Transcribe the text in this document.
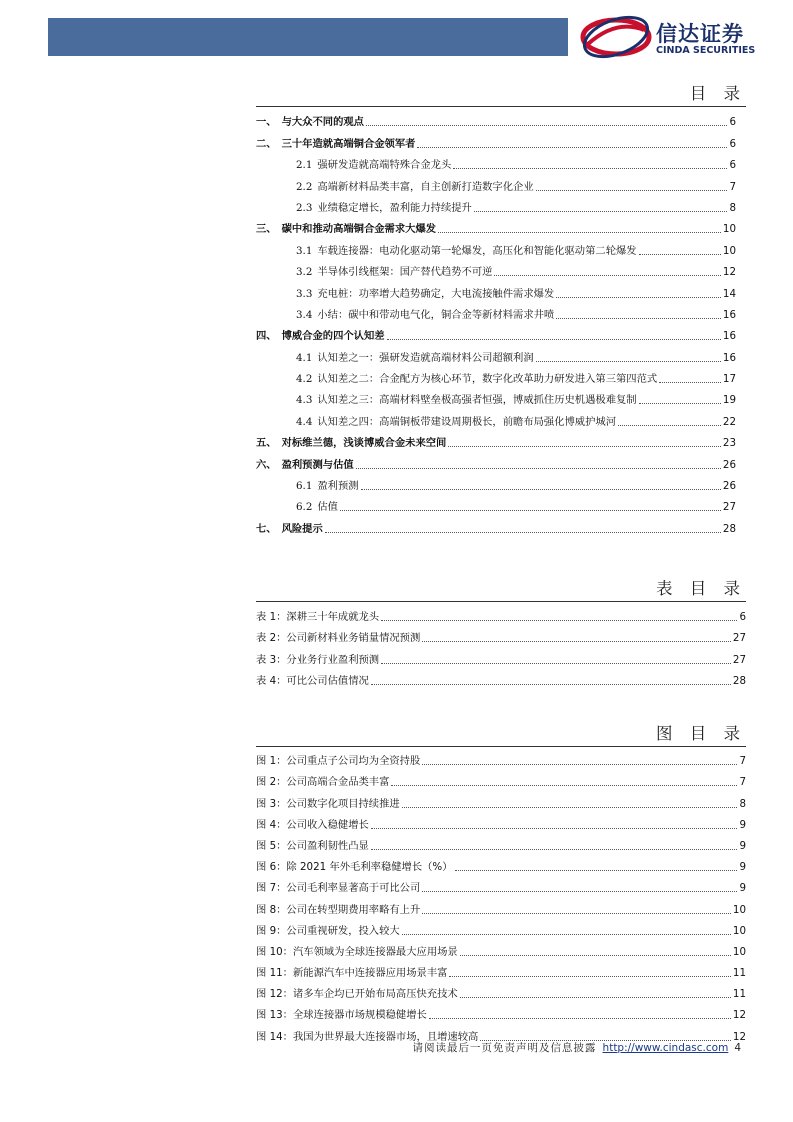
信达证券
CINDA SECURITIES
目 录
一、 与大众不同的观点	6
二、 三十年造就高端铜合金领军者	6
2.1 强研发造就高端特殊合金龙头	6
2.2 高端新材料品类丰富，自主创新打造数字化企业	7
2.3 业绩稳定增长，盈利能力持续提升	8
三、 碳中和推动高端铜合金需求大爆发	10
3.1 车载连接器：电动化驱动第一轮爆发，高压化和智能化驱动第二轮爆发	10
3.2 半导体引线框架：国产替代趋势不可逆	12
3.3 充电桩：功率增大趋势确定，大电流接触件需求爆发	14
3.4 小结：碳中和带动电气化，铜合金等新材料需求井喷	16
四、 博威合金的四个认知差	16
4.1 认知差之一：强研发造就高端材料公司超额利润	16
4.2 认知差之二：合金配方为核心环节，数字化改革助力研发进入第三第四范式	17
4.3 认知差之三：高端材料壁垒极高强者恒强，博威抓住历史机遇极难复制	19
4.4 认知差之四：高端铜板带建设周期极长，前瞻布局强化博威护城河	22
五、 对标维兰德，浅谈博威合金未来空间	23
六、 盈利预测与估值	26
6.1 盈利预测	26
6.2 估值	27
七、 风险提示	28
表 目 录
表 1：深耕三十年成就龙头	6
表 2：公司新材料业务销量情况预测	27
表 3：分业务行业盈利预测	27
表 4：可比公司估值情况	28
图 目 录
图 1：公司重点子公司均为全资持股	7
图 2：公司高端合金品类丰富	7
图 3：公司数字化项目持续推进	8
图 4：公司收入稳健增长	9
图 5：公司盈利韧性凸显	9
图 6：除 2021 年外毛利率稳健增长（%）	9
图 7：公司毛利率显著高于可比公司	9
图 8：公司在转型期费用率略有上升	10
图 9：公司重视研发，投入较大	10
图 10：汽车领域为全球连接器最大应用场景	10
图 11：新能源汽车中连接器应用场景丰富	11
图 12：诸多车企均已开始布局高压快充技术	11
图 13：全球连接器市场规模稳健增长	12
图 14：我国为世界最大连接器市场，且增速较高	12
请阅读最后一页免责声明及信息披露 http://www.cindasc.com 4
